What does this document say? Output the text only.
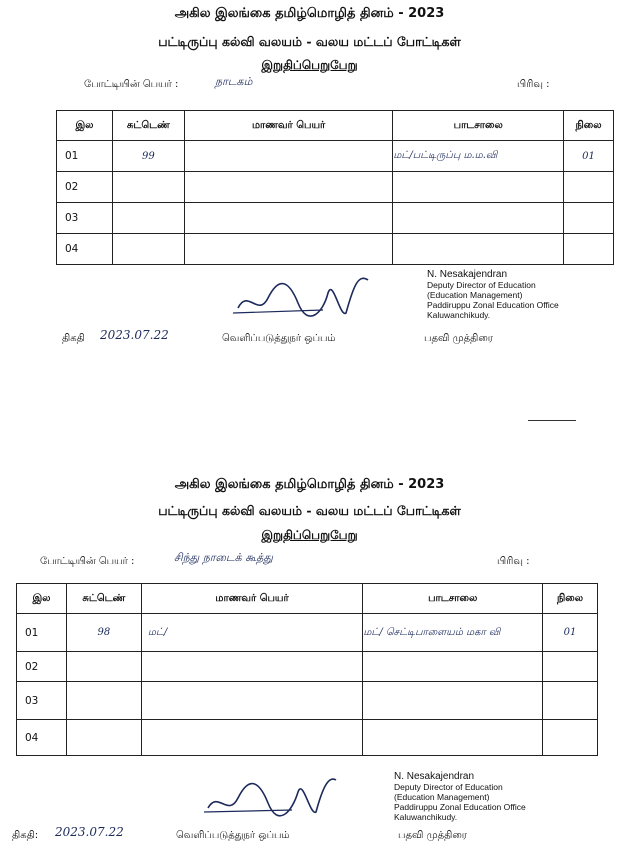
அகில இலங்கை தமிழ்மொழித் தினம் - 2023
பட்டிருப்பு கல்வி வலயம் - வலய மட்டப் போட்டிகள்
இறுதிப்பெறுபேறு
போட்டியின் பெயர் :	நாடகம்	பிரிவு :
இல	சுட்டெண்	மாணவர் பெயர்	பாடசாலை	நிலை
01	99		மட்/பட்டிருப்பு ம.ம.வி	01
02				
03				
04				
திகதி 2023.07.22	வெளிப்படுத்துநர் ஒப்பம்	பதவி முத்திரை
N. Nesakajendran
Deputy Director of Education
(Education Management)
Paddiruppu Zonal Education Office
Kaluwanchikudy.
அகில இலங்கை தமிழ்மொழித் தினம் - 2023
பட்டிருப்பு கல்வி வலயம் - வலய மட்டப் போட்டிகள்
இறுதிப்பெறுபேறு
போட்டியின் பெயர் :	சிந்து நாடைக் கூத்து	பிரிவு :
இல	சுட்டெண்	மாணவர் பெயர்	பாடசாலை	நிலை
01	98	மட்/	மட்/ செட்டிபாளையம் மகா வி	01
02				
03				
04				
திகதி: 2023.07.22	வெளிப்படுத்துநர் ஒப்பம்	பதவி முத்திரை
N. Nesakajendran
Deputy Director of Education
(Education Management)
Paddiruppu Zonal Education Office
Kaluwanchikudy.
